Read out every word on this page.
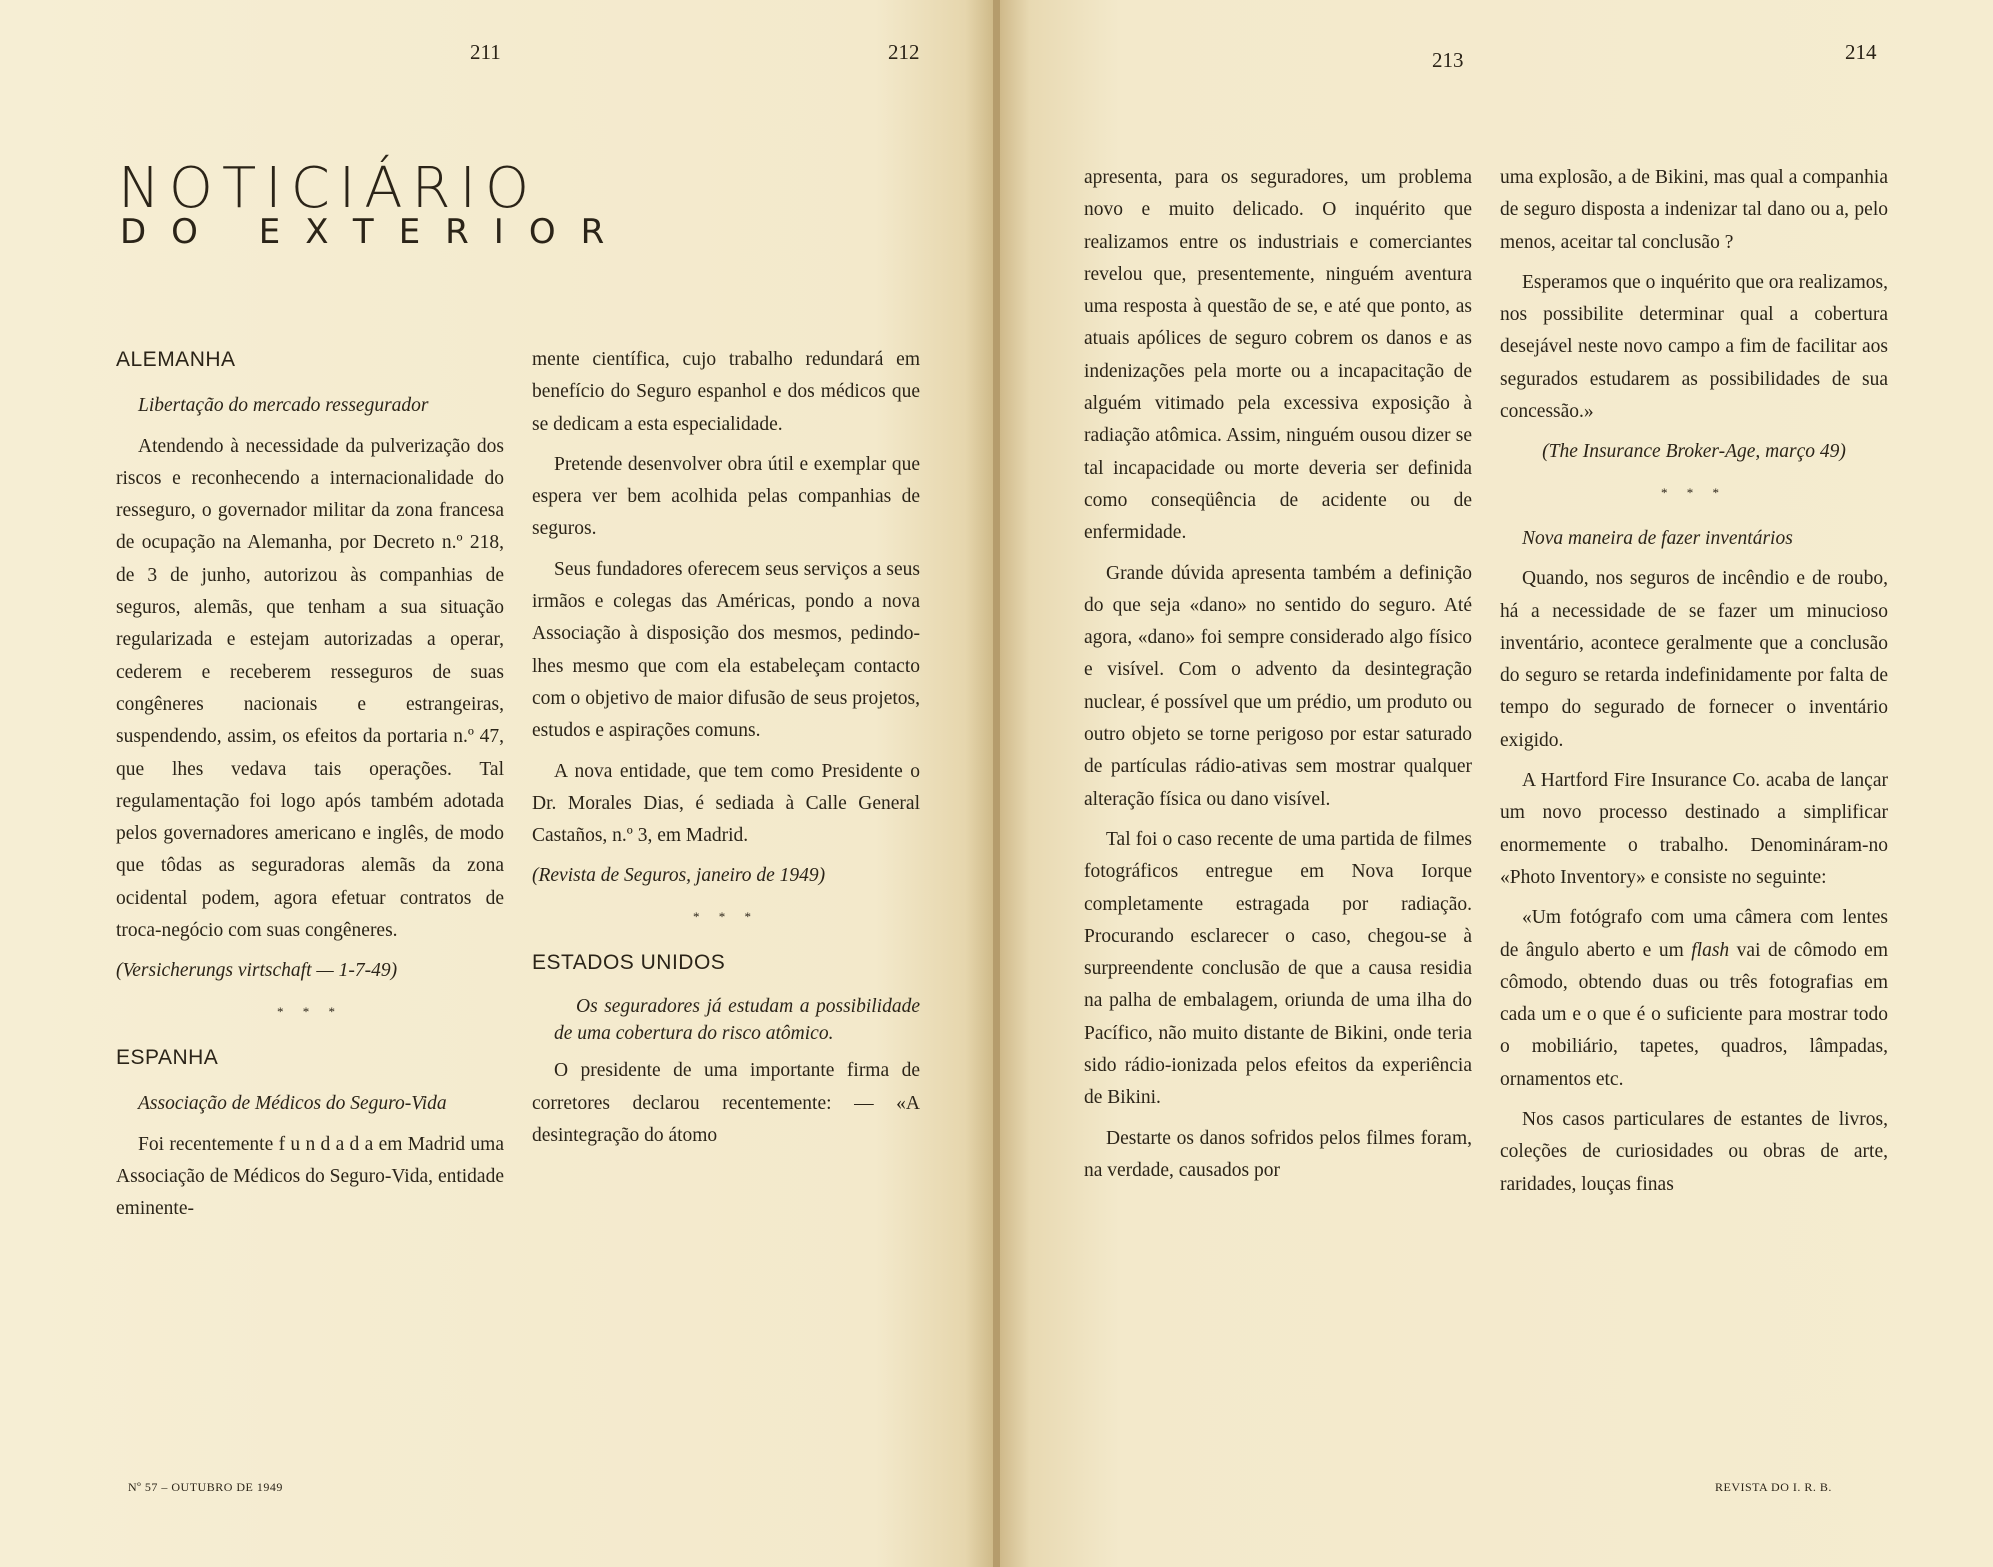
211	212
NOTICIÁRIO
DO EXTERIOR
ALEMANHA

Libertação do mercado ressegurador

Atendendo à necessidade da pulverização dos riscos e reconhecendo a internacionalidade do resseguro, o governador militar da zona francesa de ocupação na Alemanha, por Decreto n.º 218, de 3 de junho, autorizou às companhias de seguros, alemãs, que tenham a sua situação regularizada e estejam autorizadas a operar, cederem e receberem resseguros de suas congêneres nacionais e estrangeiras, suspendendo, assim, os efeitos da portaria n.º 47, que lhes vedava tais operações. Tal regulamentação foi logo após também adotada pelos governadores americano e inglês, de modo que tôdas as seguradoras alemãs da zona ocidental podem, agora efetuar contratos de troca-negócio com suas congêneres.

(Versicherungs virtschaft — 1-7-49)

* * *
ESPANHA

Associação de Médicos do Seguro-Vida

Foi recentemente f u n d a d a em Madrid uma Associação de Médicos do Seguro-Vida, entidade eminente-

mente científica, cujo trabalho redundará em benefício do Seguro espanhol e dos médicos que se dedicam a esta especialidade.

Pretende desenvolver obra útil e exemplar que espera ver bem acolhida pelas companhias de seguros.

Seus fundadores oferecem seus serviços a seus irmãos e colegas das Américas, pondo a nova Associação à disposição dos mesmos, pedindo-lhes mesmo que com ela estabeleçam contacto com o objetivo de maior difusão de seus projetos, estudos e aspirações comuns.

A nova entidade, que tem como Presidente o Dr. Morales Dias, é sediada à Calle General Castaños, n.º 3, em Madrid.

(Revista de Seguros, janeiro de 1949)

* * *
ESTADOS UNIDOS

Os seguradores já estudam a possibilidade de uma cobertura do risco atômico.

O presidente de uma importante firma de corretores declarou recentemente: — «A desintegração do átomo

Nº 57 – OUTUBRO DE 1949
213	214

apresenta, para os seguradores, um problema novo e muito delicado. O inquérito que realizamos entre os industriais e comerciantes revelou que, presentemente, ninguém aventura uma resposta à questão de se, e até que ponto, as atuais apólices de seguro cobrem os danos e as indenizações pela morte ou a incapacitação de alguém vitimado pela excessiva exposição à radiação atômica. Assim, ninguém ousou dizer se tal incapacidade ou morte deveria ser definida como conseqüência de acidente ou de enfermidade.

Grande dúvida apresenta também a definição do que seja «dano» no sentido do seguro. Até agora, «dano» foi sempre considerado algo físico e visível. Com o advento da desintegração nuclear, é possível que um prédio, um produto ou outro objeto se torne perigoso por estar saturado de partículas rádio-ativas sem mostrar qualquer alteração física ou dano visível.

Tal foi o caso recente de uma partida de filmes fotográficos entregue em Nova Iorque completamente estragada por radiação. Procurando esclarecer o caso, chegou-se à surpreendente conclusão de que a causa residia na palha de embalagem, oriunda de uma ilha do Pacífico, não muito distante de Bikini, onde teria sido rádio-ionizada pelos efeitos da experiência de Bikini.

Destarte os danos sofridos pelos filmes foram, na verdade, causados por

uma explosão, a de Bikini, mas qual a companhia de seguro disposta a indenizar tal dano ou a, pelo menos, aceitar tal conclusão ?

Esperamos que o inquérito que ora realizamos, nos possibilite determinar qual a cobertura desejável neste novo campo a fim de facilitar aos segurados estudarem as possibilidades de sua concessão.»

(The Insurance Broker-Age, março 49)

* * *

Nova maneira de fazer inventários

Quando, nos seguros de incêndio e de roubo, há a necessidade de se fazer um minucioso inventário, acontece geralmente que a conclusão do seguro se retarda indefinidamente por falta de tempo do segurado de fornecer o inventário exigido.

A Hartford Fire Insurance Co. acaba de lançar um novo processo destinado a simplificar enormemente o trabalho. Denomináram-no «Photo Inventory» e consiste no seguinte:

«Um fotógrafo com uma câmera com lentes de ângulo aberto e um flash vai de cômodo em cômodo, obtendo duas ou três fotografias em cada um e o que é o suficiente para mostrar todo o mobiliário, tapetes, quadros, lâmpadas, ornamentos etc.

Nos casos particulares de estantes de livros, coleções de curiosidades ou obras de arte, raridades, louças finas

REVISTA DO I. R. B.
